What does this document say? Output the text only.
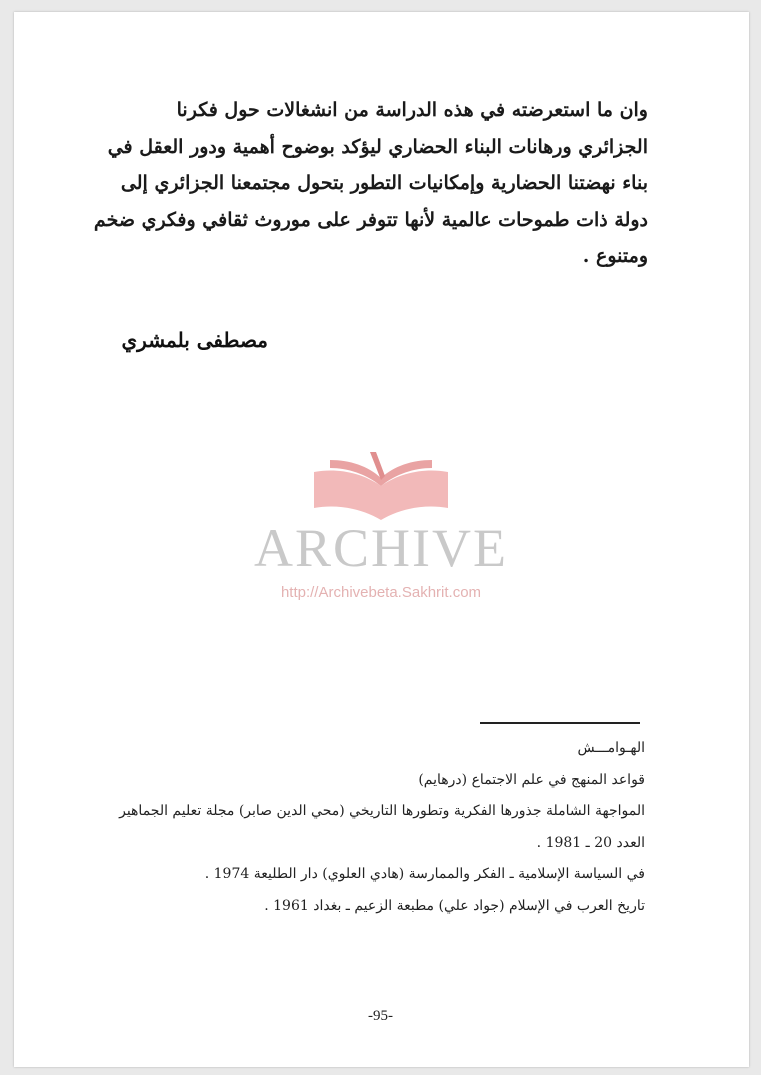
وان ما استعرضته في هذه الدراسة من انشغالات حول فكرنا
الجزائري ورهانات البناء الحضاري ليؤكد بوضوح أهمية ودور العقل في
بناء نهضتنا الحضارية وإمكانيات التطور بتحول مجتمعنا الجزائري إلى
دولة ذات طموحات عالمية لأنها تتوفر على موروث ثقافي وفكري ضخم
ومتنوع .
مصطفى بلمشري
ARCHIVE
http://Archivebeta.Sakhrit.com
الهـوامـــش
قواعد المنهج في علم الاجتماع (درهايم)
المواجهة الشاملة جذورها الفكرية وتطورها التاريخي (محي الدين صابر) مجلة تعليم الجماهير
العدد 20 ـ 1981 .
في السياسة الإسلامية ـ الفكر والممارسة (هادي العلوي) دار الطليعة 1974 .
تاريخ العرب في الإسلام (جواد علي) مطبعة الزعيم ـ بغداد 1961 .
-95-
